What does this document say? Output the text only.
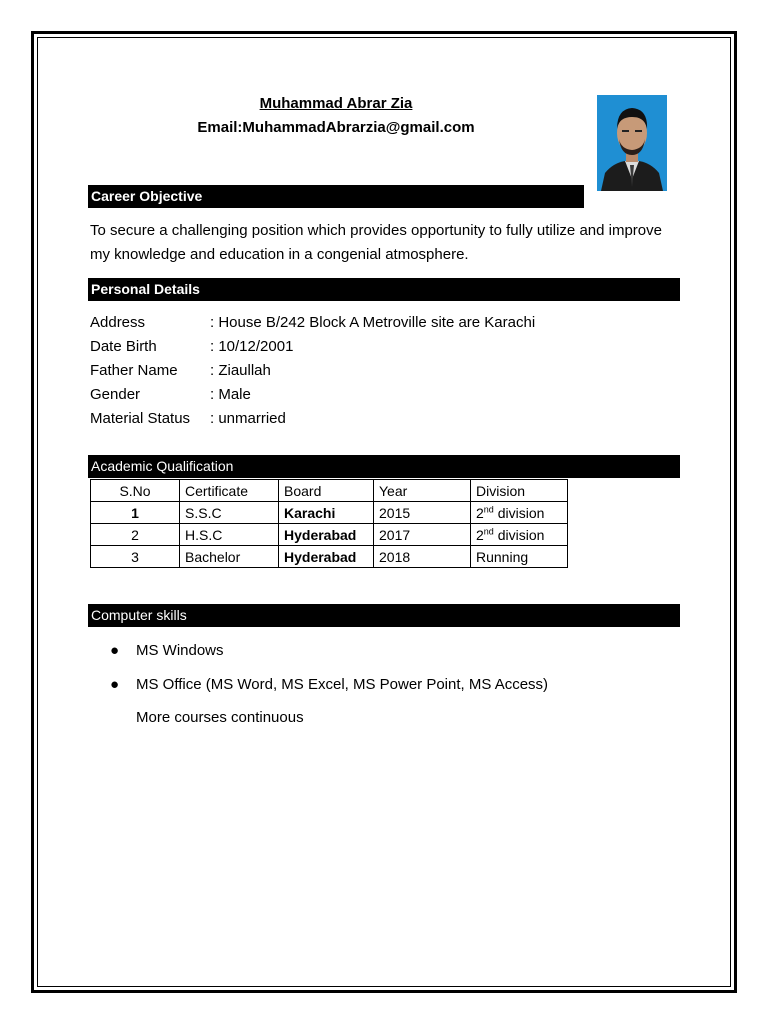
Muhammad Abrar Zia
Email:MuhammadAbrarzia@gmail.com
Career Objective
To secure a challenging position which provides opportunity to fully utilize and improve my knowledge and education in a congenial atmosphere.
Personal Details
Address	: House B/242 Block A Metroville site are Karachi
Date Birth	: 10/12/2001
Father Name	: Ziaullah
Gender	: Male
Material Status	: unmarried
Academic Qualification
S.No	Certificate	Board	Year	Division
1	S.S.C	Karachi	2015	2nd division
2	H.S.C	Hyderabad	2017	2nd division
3	Bachelor	Hyderabad	2018	Running
Computer skills
● MS Windows
● MS Office (MS Word, MS Excel, MS Power Point, MS Access)
More courses continuous
